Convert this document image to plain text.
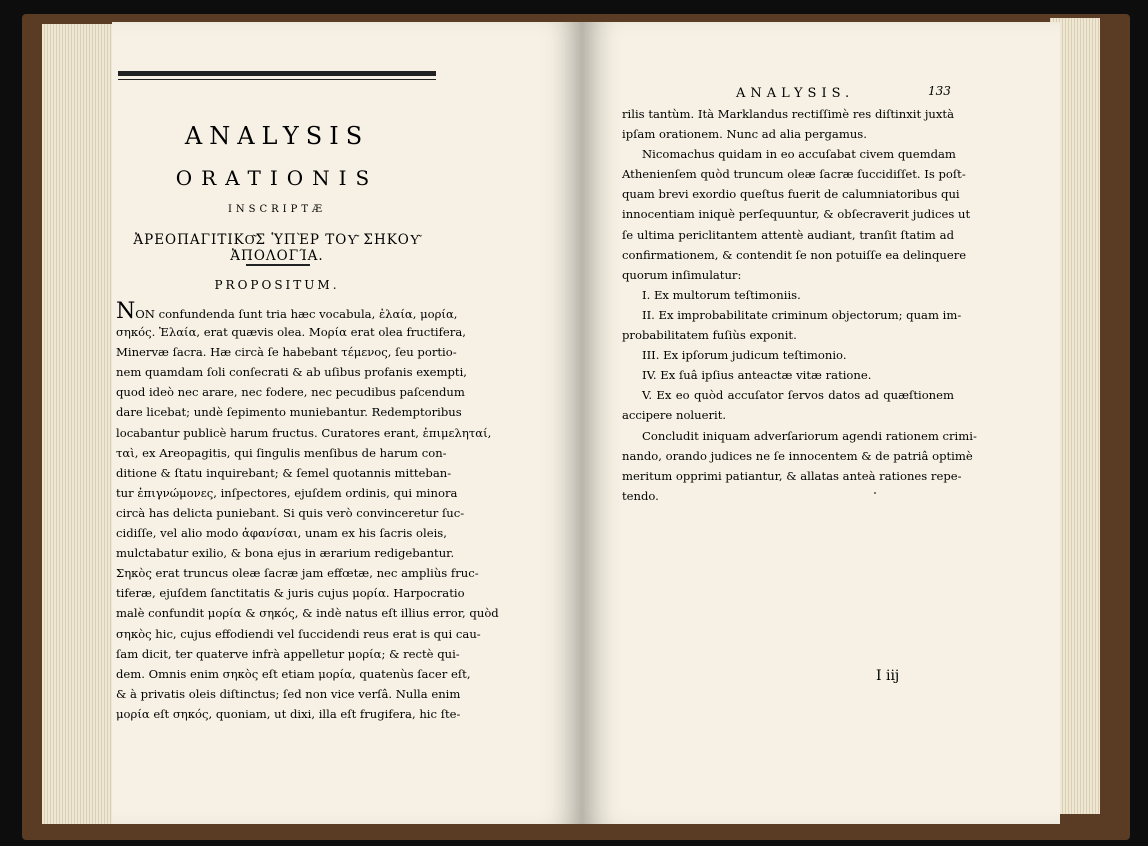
ANALYSIS
ORATIONIS
INSCRIPTÆ
ἈΡΕΟΠΑΓΙΤΙΚΟ͂Σ ὙΠῈΡ ΤΟΥ͂ ΣΗΚΟΥ͂ ἈΠΟΛΟΓΊΑ.
PROPOSITUM.
NON confundenda ſunt tria hæc vocabula, ἐλαία, μορία,
σηκός. Ἐλαία, erat quævis olea. Μορία erat olea fructifera,
Minervæ ſacra. Hæ circà ſe habebant τέμενος, ſeu portio-
nem quamdam ſoli conſecrati & ab uſibus profanis exempti,
quod ideò nec arare, nec fodere, nec pecudibus paſcendum
dare licebat; undè ſepimento muniebantur. Redemptoribus
locabantur publicè harum fructus. Curatores erant, ἐπιμεληταί,
ταὶ, ex Areopagitis, qui ſingulis menſibus de harum con-
ditione & ſtatu inquirebant; & ſemel quotannis mitteban-
tur ἐπιγνώμονες, inſpectores, ejuſdem ordinis, qui minora
circà has delicta puniebant. Si quis verò convinceretur ſuc-
cidiſſe, vel alio modo ἀφανίσαι, unam ex his ſacris oleis,
mulctabatur exilio, & bona ejus in ærarium redigebantur.
Σηκὸς erat truncus oleæ ſacræ jam effœtæ, nec ampliùs fruc-
tiferæ, ejuſdem ſanctitatis & juris cujus μορία. Harpocratio
malè confundit μορία & σηκός, & indè natus eſt illius error, quòd
σηκὸς hic, cujus effodiendi vel ſuccidendi reus erat is qui cau-
ſam dicit, ter quaterve infrà appelletur μορία; & rectè qui-
dem. Omnis enim σηκὸς eſt etiam μορία, quatenùs ſacer eſt,
& à privatis oleis diſtinctus; ſed non vice verſâ. Nulla enim
μορία eſt σηκός, quoniam, ut dixi, illa eſt frugifera, hic ſte-
ANALYSIS.	133
rilis tantùm. Ità Marklandus rectiſſimè res diſtinxit juxtà
ipſam orationem. Nunc ad alia pergamus.
Nicomachus quidam in eo accuſabat civem quemdam
Athenienſem quòd truncum oleæ ſacræ ſuccidiſſet. Is poſt-
quam brevi exordio queſtus fuerit de calumniatoribus qui
innocentiam iniquè perſequuntur, & obſecraverit judices ut
ſe ultima periclitantem attentè audiant, tranſit ſtatim ad
confirmationem, & contendit ſe non potuiſſe ea delinquere
quorum inſimulatur:
I. Ex multorum teſtimoniis.
II. Ex improbabilitate criminum objectorum; quam im-
probabilitatem fuſiùs exponit.
III. Ex ipſorum judicum teſtimonio.
IV. Ex ſuâ ipſius anteactæ vitæ ratione.
V. Ex eo quòd accuſator ſervos datos ad quæſtionem
accipere noluerit.
Concludit iniquam adverſariorum agendi rationem crimi-
nando, orando judices ne ſe innocentem & de patriâ optimè
meritum opprimi patiantur, & allatas anteà rationes repe-
tendo.
I iij
